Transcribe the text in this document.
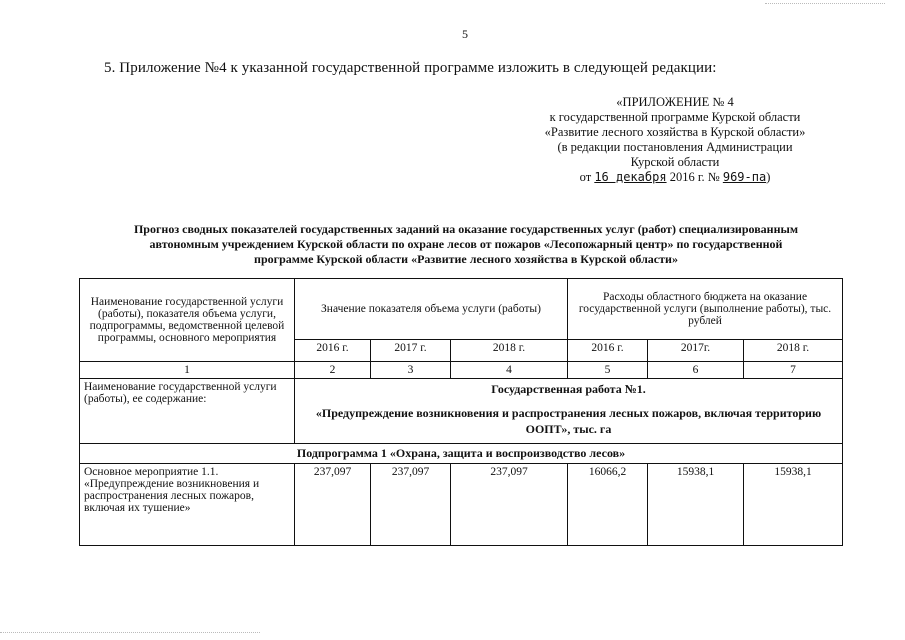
5
5. Приложение №4 к указанной государственной программе изложить в следующей редакции:
«ПРИЛОЖЕНИЕ № 4
к государственной программе Курской области
«Развитие лесного хозяйства в Курской области»
(в редакции постановления Администрации
Курской области
от 16 декабря 2016 г. № 969-па)
Прогноз сводных показателей государственных заданий на оказание государственных услуг (работ) специализированным
автономным учреждением Курской области по охране лесов от пожаров «Лесопожарный центр» по государственной
программе Курской области «Развитие лесного хозяйства в Курской области»
Наименование государственной услуги (работы), показателя объема услуги, подпрограммы, ведомственной целевой программы, основного мероприятия	Значение показателя объема услуги (работы)			Расходы областного бюджета на оказание государственной услуги (выполнение работы), тыс. рублей		
	2016 г.	2017 г.	2018 г.	2016 г.	2017г.	2018 г.
1	2	3	4	5	6	7
Наименование государственной услуги (работы), ее содержание:	Государственная работа №1.
«Предупреждение возникновения и распространения лесных пожаров, включая территорию ООПТ», тыс. га					

Подпрограмма 1 «Охрана, защита и воспроизводство лесов»						
Основное мероприятие 1.1. «Предупреждение возникновения и распространения лесных пожаров, включая их тушение»	237,097	237,097	237,097	16066,2	15938,1	15938,1
